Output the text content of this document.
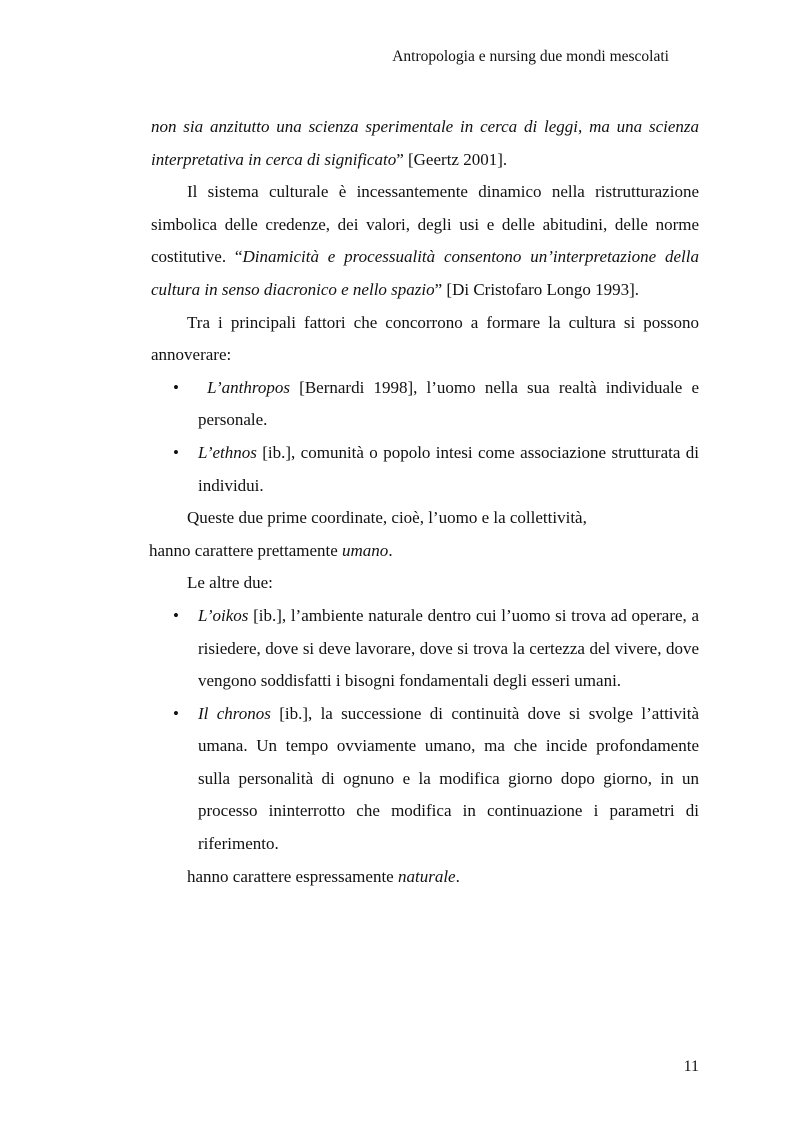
Antropologia e nursing due mondi mescolati

non sia anzitutto una scienza sperimentale in cerca di leggi, ma una scienza interpretativa in cerca di significato” [Geertz 2001].

Il sistema culturale è incessantemente dinamico nella ristrutturazione simbolica delle credenze, dei valori, degli usi e delle abitudini, delle norme costitutive. “Dinamicità e processualità consentono un’interpretazione della cultura in senso diacronico e nello spazio” [Di Cristofaro Longo 1993].

Tra i principali fattori che concorrono a formare la cultura si possono annoverare:

• L’anthropos [Bernardi 1998], l’uomo nella sua realtà individuale e personale.
• L’ethnos [ib.], comunità o popolo intesi come associazione strutturata di individui.

Queste due prime coordinate, cioè, l’uomo e la collettività,

hanno carattere prettamente umano.

Le altre due:

• L’oikos [ib.], l’ambiente naturale dentro cui l’uomo si trova ad operare, a risiedere, dove si deve lavorare, dove si trova la certezza del vivere, dove vengono soddisfatti i bisogni fondamentali degli esseri umani.
• Il chronos [ib.], la successione di continuità dove si svolge l’attività umana. Un tempo ovviamente umano, ma che incide profondamente sulla personalità di ognuno e la modifica giorno dopo giorno, in un processo ininterrotto che modifica in continuazione i parametri di riferimento.

hanno carattere espressamente naturale.

11
